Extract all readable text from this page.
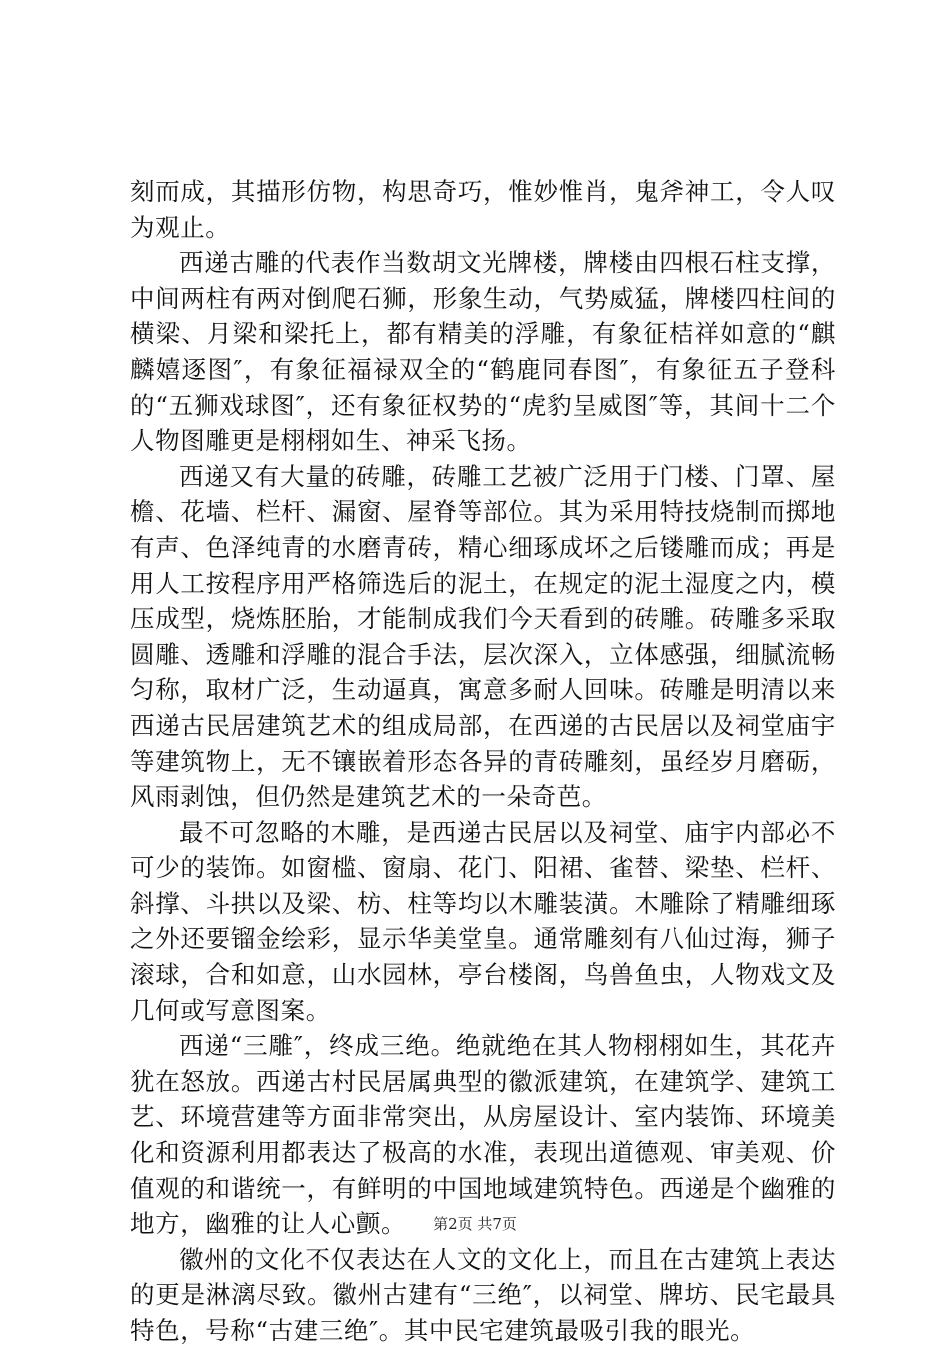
刻而成，其描形仿物，构思奇巧，惟妙惟肖，鬼斧神工，令人叹为观止。

西递古雕的代表作当数胡文光牌楼，牌楼由四根石柱支撑，中间两柱有两对倒爬石狮，形象生动，气势威猛，牌楼四柱间的横梁、月梁和梁托上，都有精美的浮雕，有象征桔祥如意的“麒麟嬉逐图″，有象征福禄双全的“鹤鹿同春图″，有象征五子登科的“五狮戏球图″，还有象征权势的“虎豹呈威图″等，其间十二个人物图雕更是栩栩如生、神采飞扬。

西递又有大量的砖雕，砖雕工艺被广泛用于门楼、门罩、屋檐、花墙、栏杆、漏窗、屋脊等部位。其为采用特技烧制而掷地有声、色泽纯青的水磨青砖，精心细琢成坏之后镂雕而成；再是用人工按程序用严格筛选后的泥土，在规定的泥土湿度之内，模压成型，烧炼胚胎，才能制成我们今天看到的砖雕。砖雕多采取圆雕、透雕和浮雕的混合手法，层次深入，立体感强，细腻流畅匀称，取材广泛，生动逼真，寓意多耐人回味。砖雕是明清以来西递古民居建筑艺术的组成局部，在西递的古民居以及祠堂庙宇等建筑物上，无不镶嵌着形态各异的青砖雕刻，虽经岁月磨砺，风雨剥蚀，但仍然是建筑艺术的一朵奇芭。

最不可忽略的木雕，是西递古民居以及祠堂、庙宇内部必不可少的装饰。如窗槛、窗扇、花门、阳裙、雀替、梁垫、栏杆、斜撑、斗拱以及梁、枋、柱等均以木雕装潢。木雕除了精雕细琢之外还要镏金绘彩，显示华美堂皇。通常雕刻有八仙过海，狮子滚球，合和如意，山水园林，亭台楼阁，鸟兽鱼虫，人物戏文及几何或写意图案。

西递“三雕″，终成三绝。绝就绝在其人物栩栩如生，其花卉犹在怒放。西递古村民居属典型的徽派建筑，在建筑学、建筑工艺、环境营建等方面非常突出，从房屋设计、室内装饰、环境美化和资源利用都表达了极高的水准，表现出道德观、审美观、价值观的和谐统一，有鲜明的中国地域建筑特色。西递是个幽雅的地方，幽雅的让人心颤。

徽州的文化不仅表达在人文的文化上，而且在古建筑上表达的更是淋漓尽致。徽州古建有“三绝″，以祠堂、牌坊、民宅最具特色，号称“古建三绝″。其中民宅建筑最吸引我的眼光。

第2页 共7页
